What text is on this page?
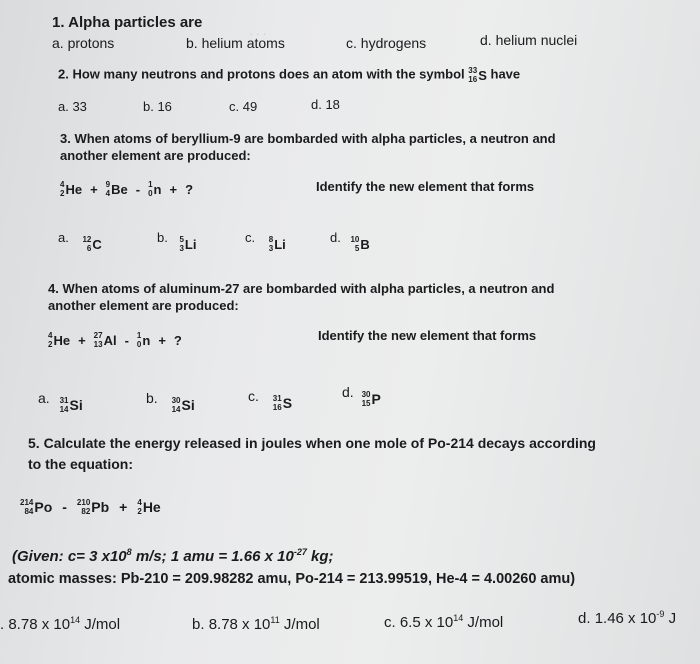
. . .
1. Alpha particles are
a. protons	b. helium atoms	c. hydrogens	d. helium nuclei
2. How many neutrons and protons does an atom with the symbol 33
16 S have
a. 33	b. 16	c. 49	d. 18
3. When atoms of beryllium-9 are bombarded with alpha particles, a neutron and
another element are produced:
4
2 He + 9
4 Be - 1
0 n + ?	Identify the new element that forms
a. 12
6 C	b. 5
3 Li	c. 8
3 Li	d. 10
5 B
4. When atoms of aluminum-27 are bombarded with alpha particles, a neutron and
another element are produced:
4
2 He + 27
13 Al - 1
0 n + ?	Identify the new element that forms
a. 31
14 Si	b. 30
14 Si
c. 31
16 S
d. 30
15 P
5. Calculate the energy released in joules when one mole of Po-214 decays according
to the equation:
214
84 Po - 210
82 Pb + 4
2 He
(Given: c= 3 $x10^8$ m/s; 1 amu = 1.66 x $10^{-27}$ kg;
atomic masses: Pb-210 = 209.98282 amu, Po-214 = 213.99519, He-4 = 4.00260 amu)
. 8.78 x $10^{14}$ J/mol	b. 8.78 x $10^{11}$ J/mol	c. 6.5 x $10^{14}$ J/mol	d. 1.46 x $10^{-9}$ J
